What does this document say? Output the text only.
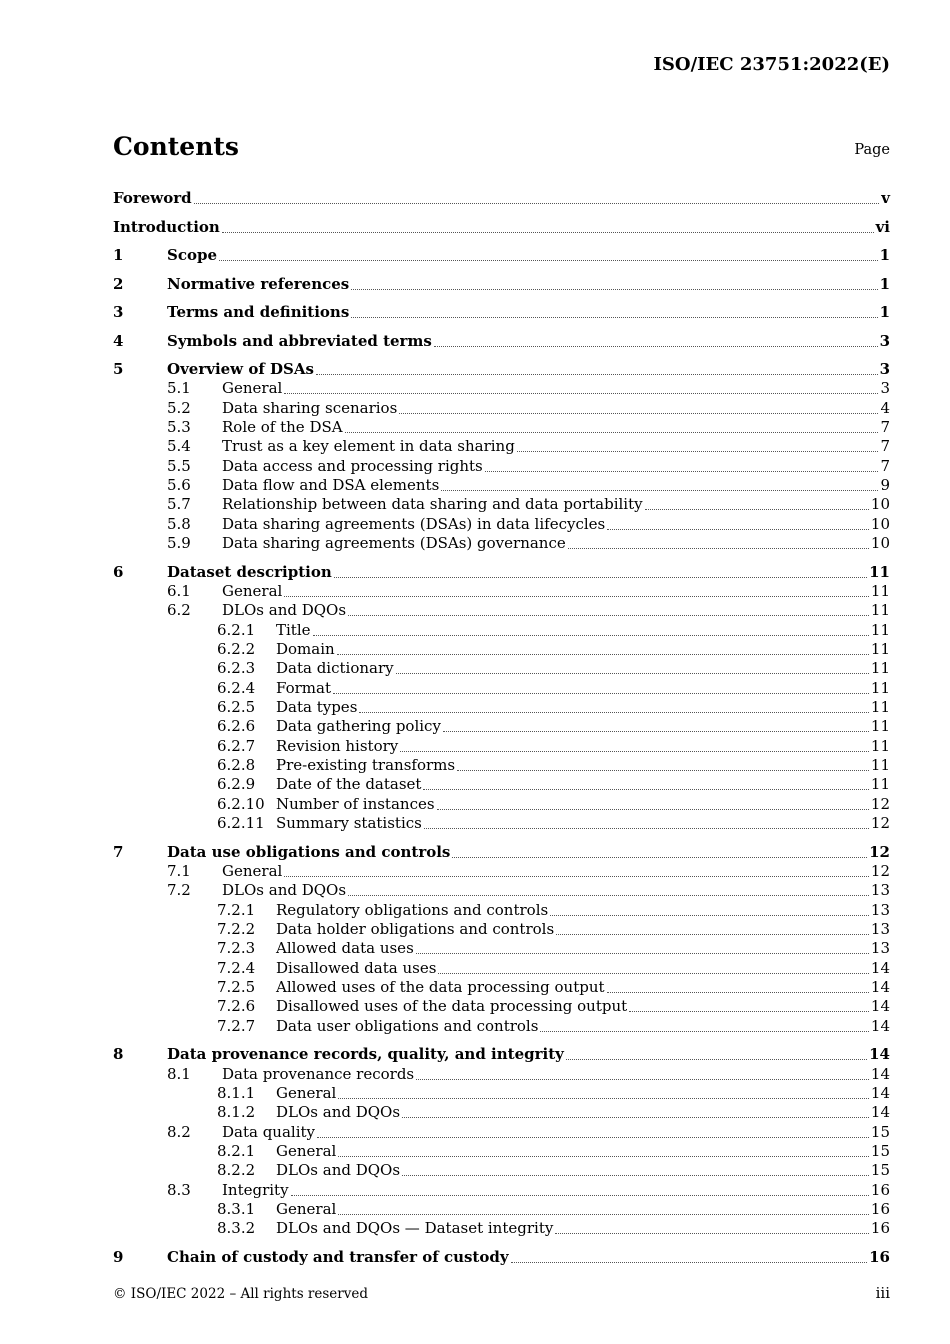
ISO/IEC 23751:2022(E)
Contents	Page
Foreword	v
Introduction	vi
1	Scope	1
2	Normative references	1
3	Terms and definitions	1
4	Symbols and abbreviated terms	3
5	Overview of DSAs	3
5.1	General	3
5.2	Data sharing scenarios	4
5.3	Role of the DSA	7
5.4	Trust as a key element in data sharing	7
5.5	Data access and processing rights	7
5.6	Data flow and DSA elements	9
5.7	Relationship between data sharing and data portability	10
5.8	Data sharing agreements (DSAs) in data lifecycles	10
5.9	Data sharing agreements (DSAs) governance	10
6	Dataset description	11
6.1	General	11
6.2	DLOs and DQOs	11
6.2.1	Title	11
6.2.2	Domain	11
6.2.3	Data dictionary	11
6.2.4	Format	11
6.2.5	Data types	11
6.2.6	Data gathering policy	11
6.2.7	Revision history	11
6.2.8	Pre-existing transforms	11
6.2.9	Date of the dataset	11
6.2.10 Number of instances	12
6.2.11 Summary statistics	12
7	Data use obligations and controls	12
7.1	General	12
7.2	DLOs and DQOs	13
7.2.1	Regulatory obligations and controls	13
7.2.2	Data holder obligations and controls	13
7.2.3	Allowed data uses	13
7.2.4	Disallowed data uses	14
7.2.5	Allowed uses of the data processing output	14
7.2.6	Disallowed uses of the data processing output	14
7.2.7	Data user obligations and controls	14
8	Data provenance records, quality, and integrity	14
8.1	Data provenance records	14
8.1.1	General	14
8.1.2	DLOs and DQOs	14
8.2	Data quality	15
8.2.1	General	15
8.2.2	DLOs and DQOs	15
8.3	Integrity	16
8.3.1	General	16
8.3.2	DLOs and DQOs — Dataset integrity	16
9	Chain of custody and transfer of custody	16
© ISO/IEC 2022 – All rights reserved	iii
